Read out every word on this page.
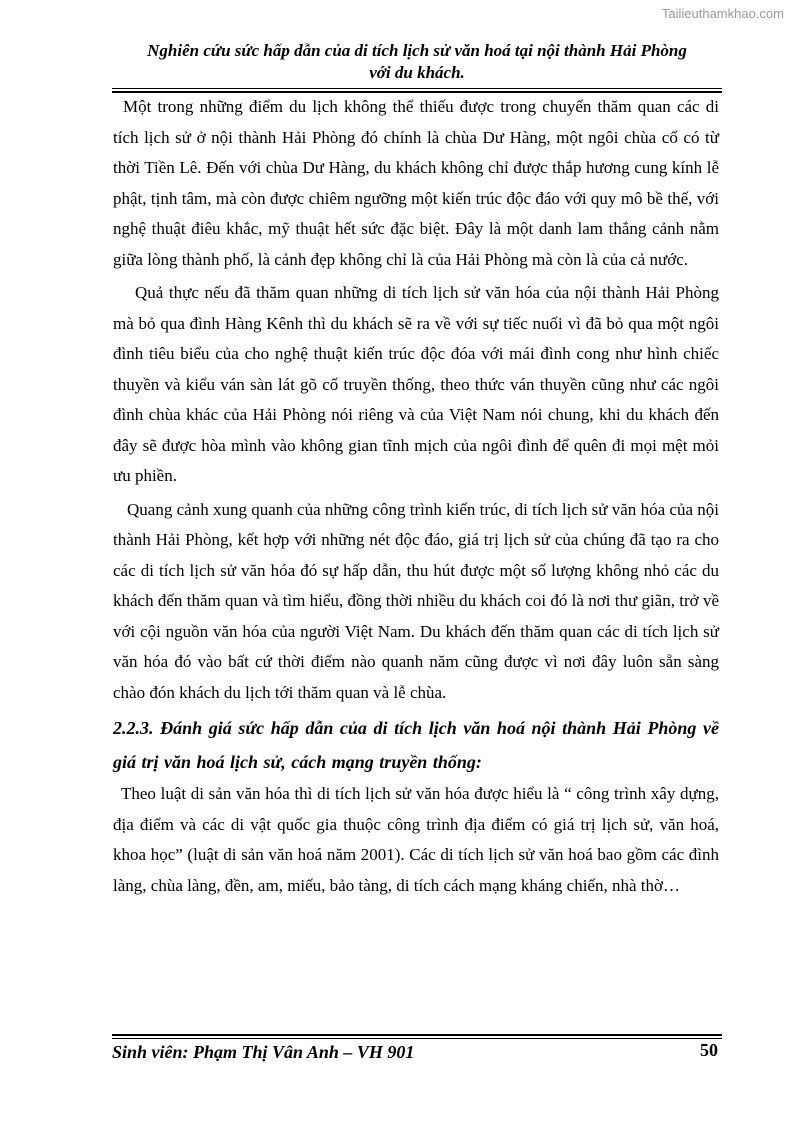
Tailieuthamkhao.com
Nghiên cứu sức hấp dẫn của di tích lịch sử văn hoá tại nội thành Hải Phòng
với du khách.

Một trong những điểm du lịch không thể thiếu được trong chuyến thăm quan các di tích lịch sử ở nội thành Hải Phòng đó chính là chùa Dư Hàng, một ngôi chùa cổ có từ thời Tiền Lê. Đến với chùa Dư Hàng, du khách không chỉ được thắp hương cung kính lễ phật, tịnh tâm, mà còn được chiêm ngưỡng một kiến trúc độc đáo với quy mô bề thế, với nghệ thuật điêu khắc, mỹ thuật hết sức đặc biệt. Đây là một danh lam thắng cảnh nằm giữa lòng thành phố, là cảnh đẹp không chỉ là của Hải Phòng mà còn là của cả nước.

Quả thực nếu đã thăm quan những di tích lịch sử văn hóa của nội thành Hải Phòng mà bỏ qua đình Hàng Kênh thì du khách sẽ ra về với sự tiếc nuối vì đã bỏ qua một ngôi đình tiêu biểu của cho nghệ thuật kiến trúc độc đóa với mái đình cong như hình chiếc thuyền và kiểu ván sàn lát gõ cổ truyền thống, theo thức ván thuyền cũng như các ngôi đình chùa khác của Hải Phòng nói riêng và của Việt Nam nói chung, khi du khách đến đây sẽ được hòa mình vào không gian tĩnh mịch của ngôi đình để quên đi mọi mệt mỏi ưu phiền.

Quang cảnh xung quanh của những công trình kiến trúc, di tích lịch sử văn hóa của nội thành Hải Phòng, kết hợp với những nét độc đáo, giá trị lịch sử của chúng đã tạo ra cho các di tích lịch sử văn hóa đó sự hấp dẫn, thu hút được một số lượng không nhỏ các du khách đến thăm quan và tìm hiểu, đồng thời nhiều du khách coi đó là nơi thư giãn, trở về với cội nguồn văn hóa của người Việt Nam. Du khách đến thăm quan các di tích lịch sử văn hóa đó vào bất cứ thời điểm nào quanh năm cũng được vì nơi đây luôn sẵn sàng chào đón khách du lịch tới thăm quan và lễ chùa.

2.2.3. Đánh giá sức hấp dẫn của di tích lịch văn hoá nội thành Hải Phòng về giá trị văn hoá lịch sử, cách mạng truyền thống:

Theo luật di sản văn hóa thì di tích lịch sử văn hóa được hiểu là “ công trình xây dựng, địa điểm và các di vật quốc gia thuộc công trình địa điểm có giá trị lịch sử, văn hoá, khoa học” (luật di sản văn hoá năm 2001). Các di tích lịch sử văn hoá bao gồm các đình làng, chùa làng, đền, am, miếu, bảo tàng, di tích cách mạng kháng chiến, nhà thờ…

Sinh viên: Phạm Thị Vân Anh – VH 901	50
